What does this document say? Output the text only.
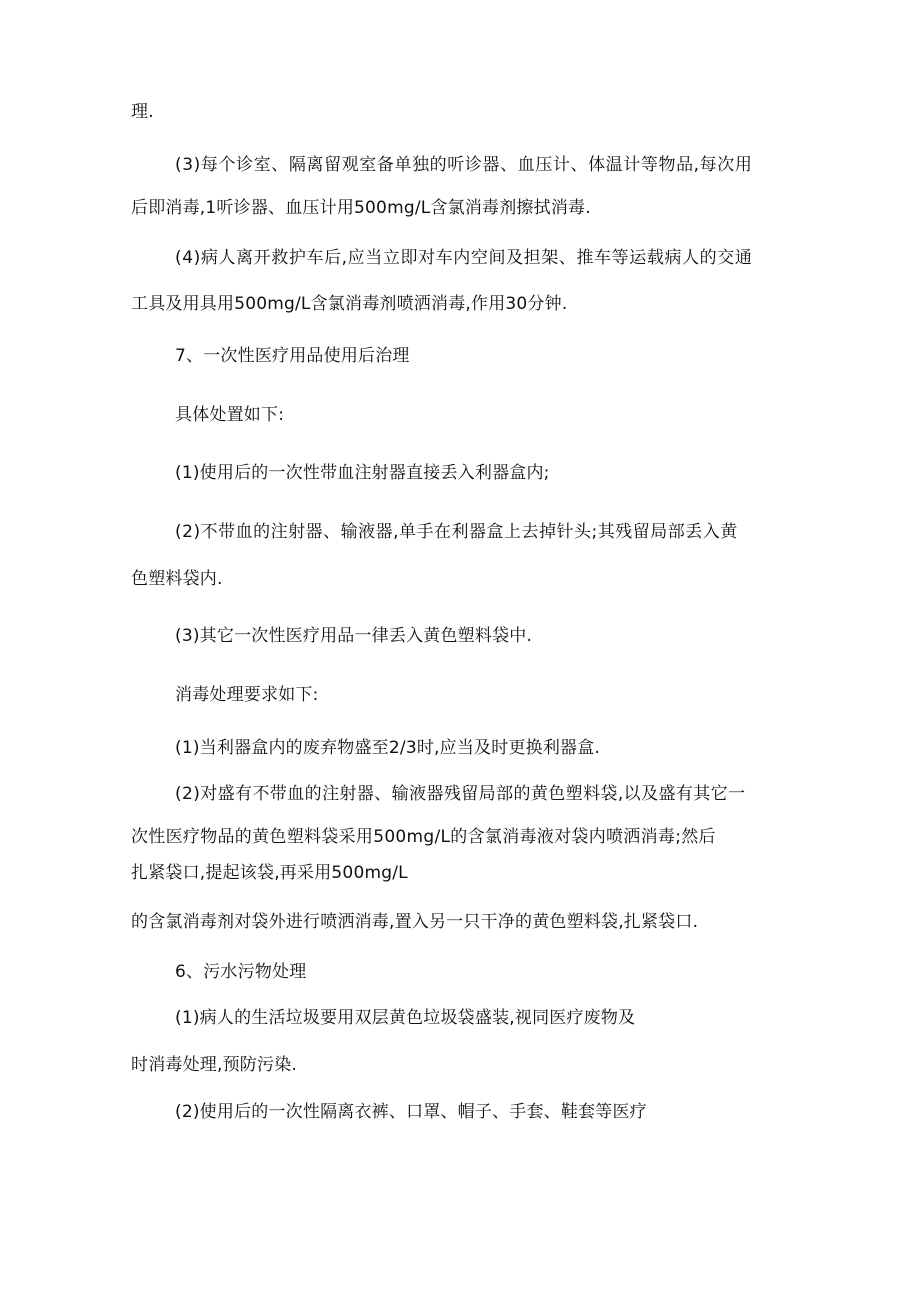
理.
(3)每个诊室、隔离留观室备单独的听诊器、血压计、体温计等物品,每次用
后即消毒,1听诊器、血压计用500mg/L含氯消毒剂擦拭消毒.
(4)病人离开救护车后,应当立即对车内空间及担架、推车等运载病人的交通
工具及用具用500mg/L含氯消毒剂喷洒消毒,作用30分钟.
7、一次性医疗用品使用后治理
具体处置如下:
(1)使用后的一次性带血注射器直接丢入利器盒内;
(2)不带血的注射器、输液器,单手在利器盒上去掉针头;其残留局部丢入黄
色塑料袋内.
(3)其它一次性医疗用品一律丢入黄色塑料袋中.
消毒处理要求如下:
(1)当利器盒内的废弃物盛至2/3时,应当及时更换利器盒.
(2)对盛有不带血的注射器、输液器残留局部的黄色塑料袋,以及盛有其它一
次性医疗物品的黄色塑料袋采用500mg/L的含氯消毒液对袋内喷洒消毒;然后
扎紧袋口,提起该袋,再采用500mg/L
的含氯消毒剂对袋外进行喷洒消毒,置入另一只干净的黄色塑料袋,扎紧袋口.
6、污水污物处理
(1)病人的生活垃圾要用双层黄色垃圾袋盛装,视同医疗废物及
时消毒处理,预防污染.
(2)使用后的一次性隔离衣裤、口罩、帽子、手套、鞋套等医疗
